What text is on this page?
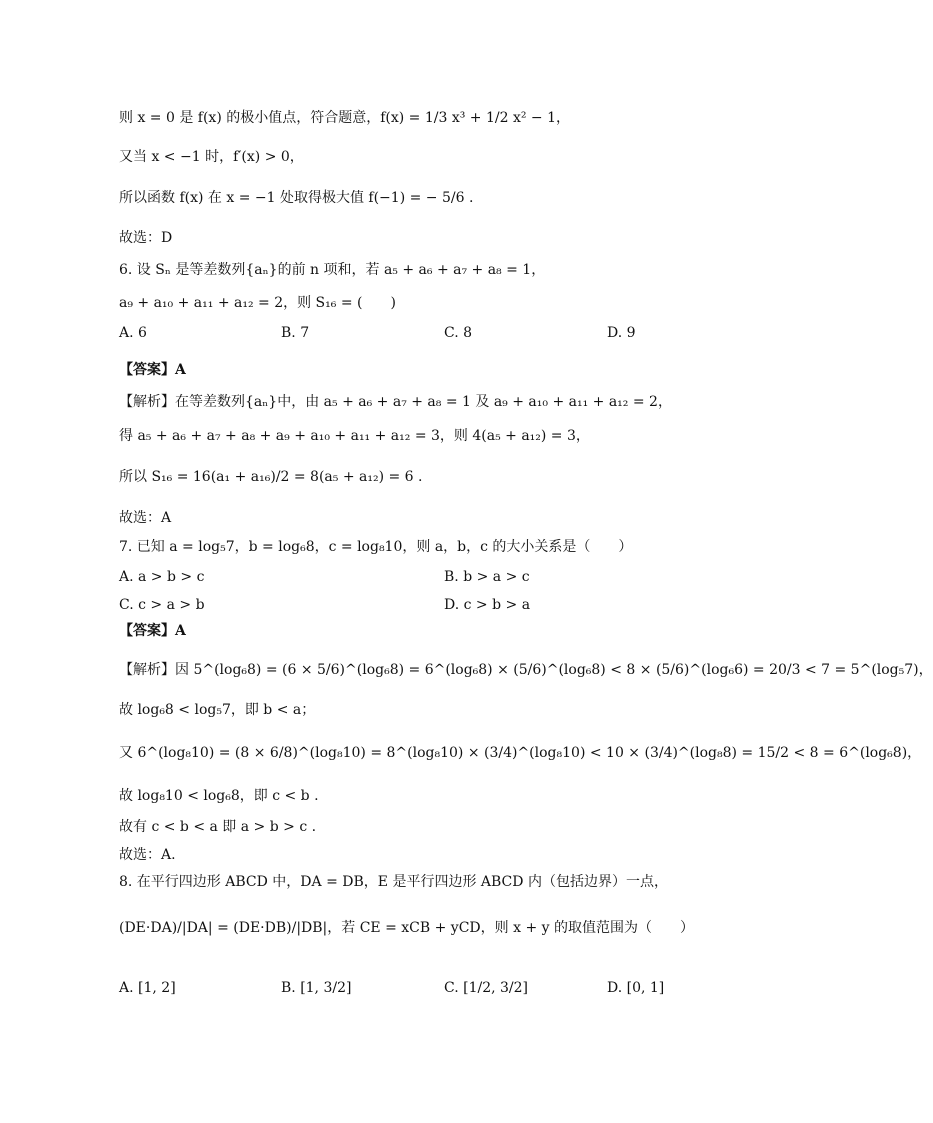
则 x = 0 是 f(x) 的极小值点，符合题意，f(x) = 1/3 x³ + 1/2 x² − 1，
又当 x < −1 时，f′(x) > 0，
所以函数 f(x) 在 x = −1 处取得极大值 f(−1) = − 5/6 .
故选：D
6. 设 Sₙ 是等差数列{aₙ}的前 n 项和，若 a₅ + a₆ + a₇ + a₈ = 1，
a₉ + a₁₀ + a₁₁ + a₁₂ = 2，则 S₁₆ = (　　)
A. 6	B. 7	C. 8	D. 9
【答案】A
【解析】在等差数列{aₙ}中，由 a₅ + a₆ + a₇ + a₈ = 1 及 a₉ + a₁₀ + a₁₁ + a₁₂ = 2，
得 a₅ + a₆ + a₇ + a₈ + a₉ + a₁₀ + a₁₁ + a₁₂ = 3，则 4(a₅ + a₁₂) = 3，
所以 S₁₆ = 16(a₁ + a₁₆)/2 = 8(a₅ + a₁₂) = 6 .
故选：A
7. 已知 a = log₅7，b = log₆8，c = log₈10，则 a，b，c 的大小关系是（　　）
A. a > b > c	B. b > a > c
C. c > a > b	D. c > b > a
【答案】A
【解析】因 5^(log₆8) = (6 × 5/6)^(log₆8) = 6^(log₆8) × (5/6)^(log₆8) < 8 × (5/6)^(log₆6) = 20/3 < 7 = 5^(log₅7)，
故 log₆8 < log₅7，即 b < a；
又 6^(log₈10) = (8 × 6/8)^(log₈10) = 8^(log₈10) × (3/4)^(log₈10) < 10 × (3/4)^(log₈8) = 15/2 < 8 = 6^(log₆8)，
故 log₈10 < log₆8，即 c < b .
故有 c < b < a 即 a > b > c .
故选：A.
8. 在平行四边形 ABCD 中，DA = DB，E 是平行四边形 ABCD 内（包括边界）一点，
(DE·DA)/|DA| = (DE·DB)/|DB|，若 CE = xCB + yCD，则 x + y 的取值范围为（　　）
A. [1, 2]	B. [1, 3/2]	C. [1/2, 3/2]	D. [0, 1]
